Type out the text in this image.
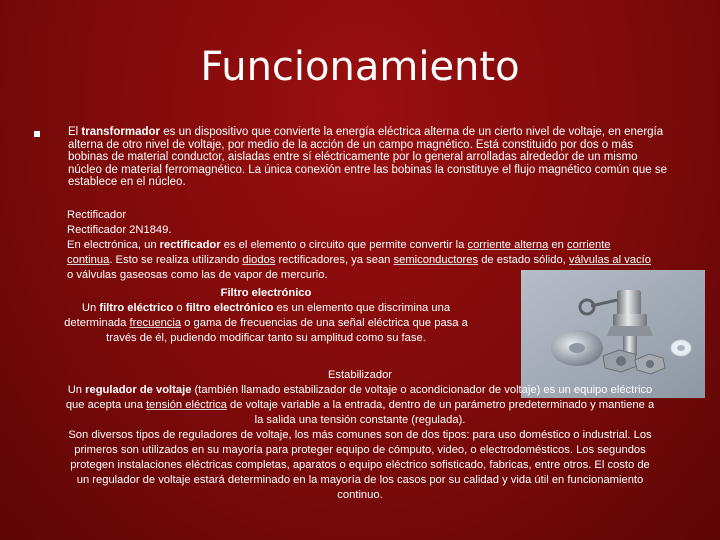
Funcionamiento

El transformador es un dispositivo que convierte la energía eléctrica alterna de un cierto nivel de voltaje, en energía alterna de otro nivel de voltaje, por medio de la acción de un campo magnético. Está constituido por dos o más bobinas de material conductor, aisladas entre sí eléctricamente por lo general arrolladas alrededor de un mismo núcleo de material ferromagnético. La única conexión entre las bobinas la constituye el flujo magnético común que se establece en el núcleo.

Rectificador
Rectificador 2N1849.
En electrónica, un rectificador es el elemento o circuito que permite convertir la corriente alterna en corriente continua. Esto se realiza utilizando diodos rectificadores, ya sean semiconductores de estado sólido, válvulas al vacío o válvulas gaseosas como las de vapor de mercurio.

Filtro electrónico
Un filtro eléctrico o filtro electrónico es un elemento que discrimina una determinada frecuencia o gama de frecuencias de una señal eléctrica que pasa a través de él, pudiendo modificar tanto su amplitud como su fase.

Estabilizador
Un regulador de voltaje (también llamado estabilizador de voltaje o acondicionador de voltaje) es un equipo eléctrico que acepta una tensión eléctrica de voltaje variable a la entrada, dentro de un parámetro predeterminado y mantiene a la salida una tensión constante (regulada).
Son diversos tipos de reguladores de voltaje, los más comunes son de dos tipos: para uso doméstico o industrial. Los primeros son utilizados en su mayoría para proteger equipo de cómputo, video, o electrodomésticos. Los segundos protegen instalaciones eléctricas completas, aparatos o equipo eléctrico sofisticado, fabricas, entre otros. El costo de un regulador de voltaje estará determinado en la mayoría de los casos por su calidad y vida útil en funcionamiento continuo.
